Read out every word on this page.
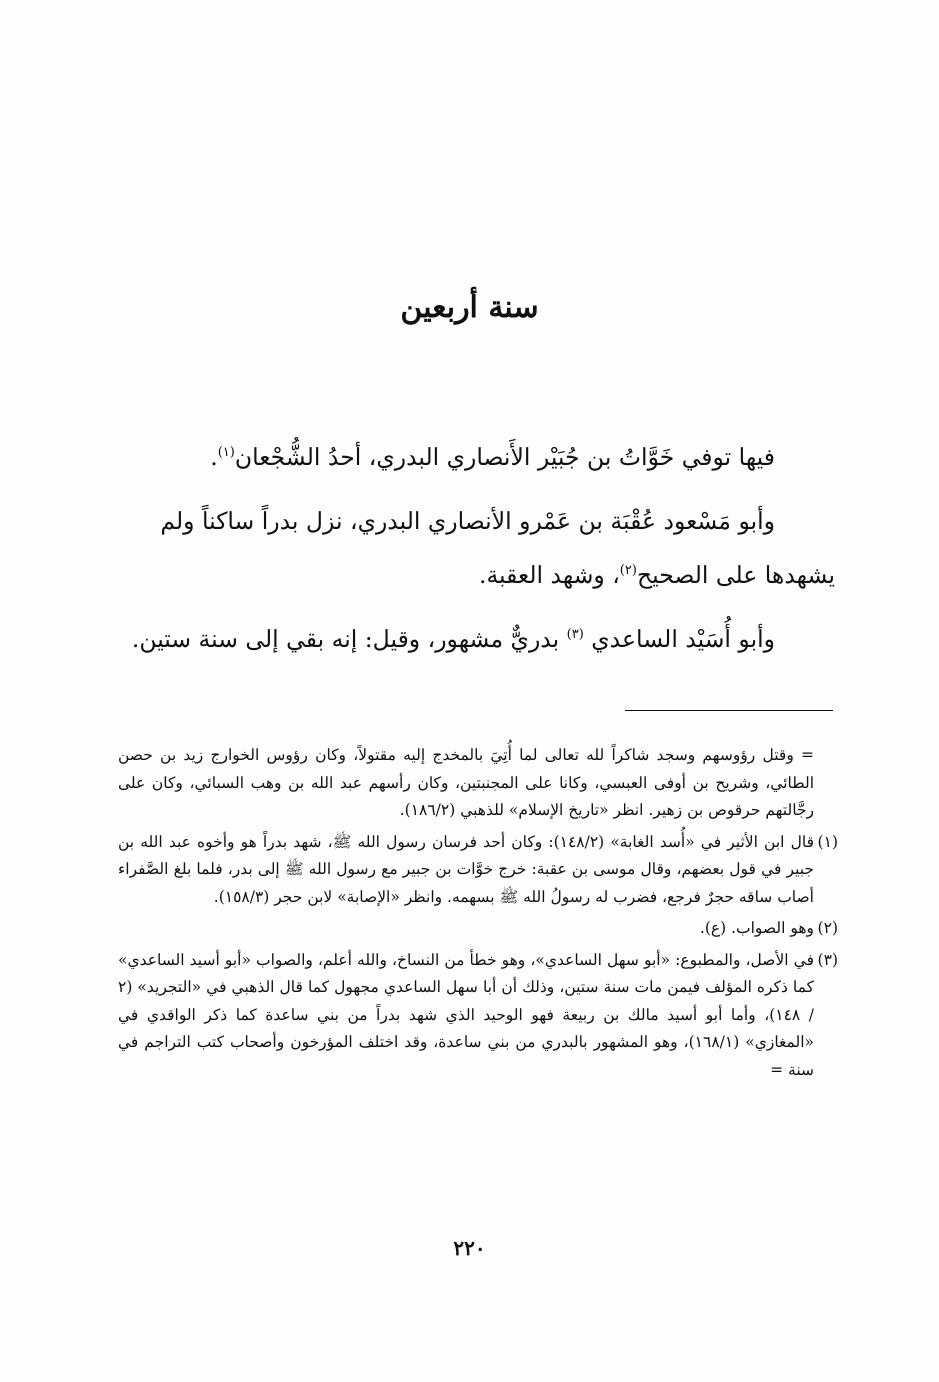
سنة أربعين

فيها توفي خَوَّاتُ بن جُبَيْر الأَنصاري البدري، أحدُ الشُّجْعان$^{(١)}$.

وأبو مَسْعود عُقْبَة بن عَمْرو الأنصاري البدري، نزل بدراً ساكناً ولم

يشهدها على الصحيح$^{(٢)}$، وشهد العقبة.

وأبو أُسَيْد الساعدي $^{(٣)}$ بدريٌّ مشهور، وقيل: إنه بقي إلى سنة ستين.

= وقتل رؤوسهم وسجد شاكراً لله تعالى لما أُتِيَ بالمخدج إليه مقتولاً، وكان رؤوس الخوارج زيد بن حصن الطائي، وشريح بن أوفى العبسي، وكانا على المجنبتين، وكان رأسهم عبد الله بن وهب السبائي، وكان على رجَّالتهم حرقوص بن زهير. انظر «تاريخ الإسلام» للذهبي (١٨٦/٢).

(١)
قال ابن الأثير في «أُسد الغابة» (١٤٨/٢): وكان أحد فرسان رسول الله ﷺ، شهد بدراً هو وأخوه عبد الله بن جبير في قول بعضهم، وقال موسى بن عقبة: خرج خوَّات بن جبير مع رسول الله ﷺ إلى بدر، فلما بلغ الصَّفراء أصاب ساقه حجرٌ فرجع، فضرب له رسولُ الله ﷺ بسهمه. وانظر «الإصابة» لابن حجر (١٥٨/٣).

(٢)
وهو الصواب. (ع).

(٣)
في الأصل، والمطبوع: «أبو سهل الساعدي»، وهو خطأ من النساخ، والله أعلم، والصواب «أبو أسيد الساعدي» كما ذكره المؤلف فيمن مات سنة ستين، وذلك أن أبا سهل الساعدي مجهول كما قال الذهبي في «التجريد» (٢ / ١٤٨)، وأما أبو أسيد مالك بن ربيعة فهو الوحيد الذي شهد بدراً من بني ساعدة كما ذكر الواقدي في «المغازي» (١٦٨/١)، وهو المشهور بالبدري من بني ساعدة، وقد اختلف المؤرخون وأصحاب كتب التراجم في سنة =

٢٢٠
